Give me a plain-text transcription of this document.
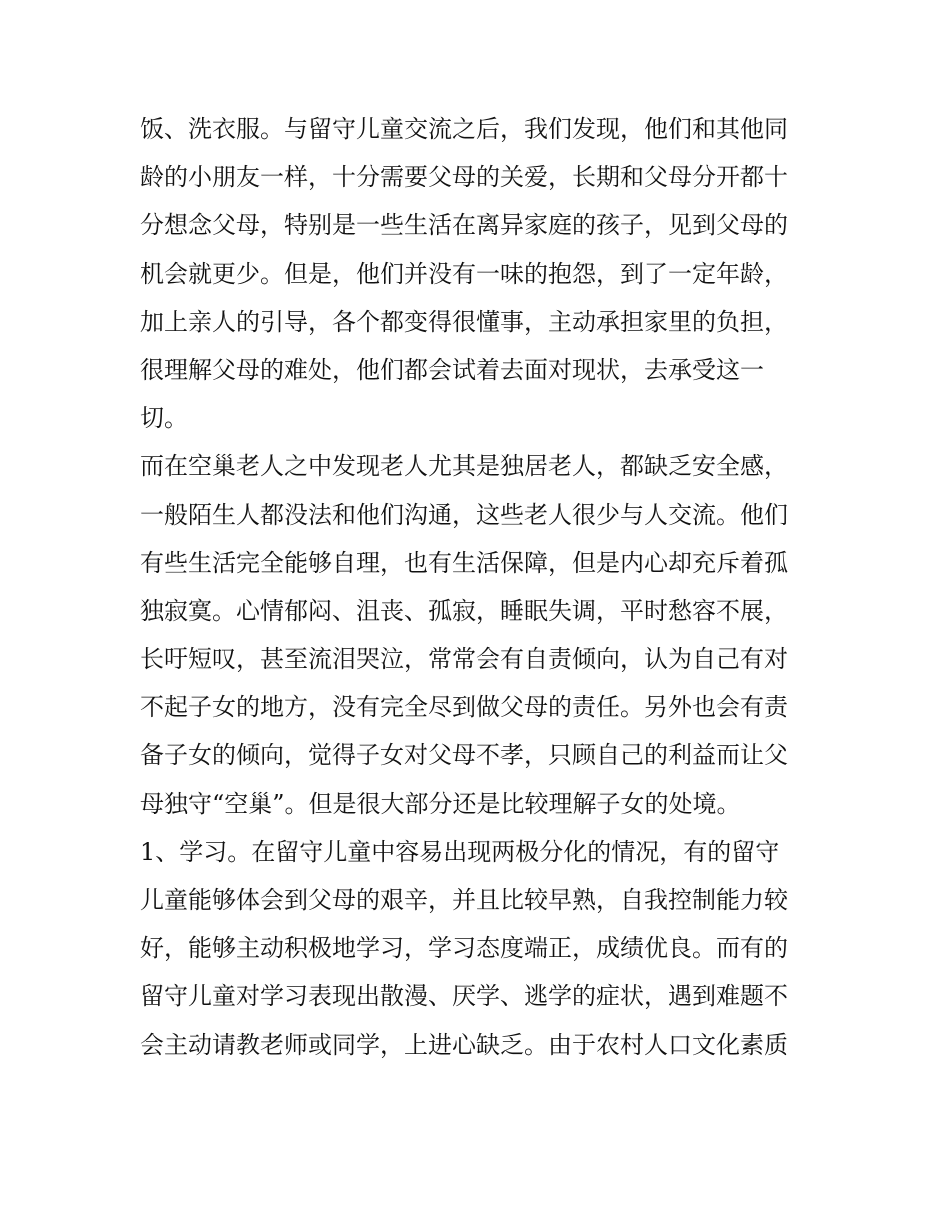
饭、洗衣服。与留守儿童交流之后，我们发现，他们和其他同
龄的小朋友一样，十分需要父母的关爱，长期和父母分开都十
分想念父母，特别是一些生活在离异家庭的孩子，见到父母的
机会就更少。但是，他们并没有一味的抱怨，到了一定年龄，
加上亲人的引导，各个都变得很懂事，主动承担家里的负担，
很理解父母的难处，他们都会试着去面对现状，去承受这一
切。
而在空巢老人之中发现老人尤其是独居老人，都缺乏安全感，
一般陌生人都没法和他们沟通，这些老人很少与人交流。他们
有些生活完全能够自理，也有生活保障，但是内心却充斥着孤
独寂寞。心情郁闷、沮丧、孤寂，睡眠失调，平时愁容不展，
长吁短叹，甚至流泪哭泣，常常会有自责倾向，认为自己有对
不起子女的地方，没有完全尽到做父母的责任。另外也会有责
备子女的倾向，觉得子女对父母不孝，只顾自己的利益而让父
母独守“空巢”。但是很大部分还是比较理解子女的处境。
1、学习。在留守儿童中容易出现两极分化的情况，有的留守
儿童能够体会到父母的艰辛，并且比较早熟，自我控制能力较
好，能够主动积极地学习，学习态度端正，成绩优良。而有的
留守儿童对学习表现出散漫、厌学、逃学的症状，遇到难题不
会主动请教老师或同学，上进心缺乏。由于农村人口文化素质
